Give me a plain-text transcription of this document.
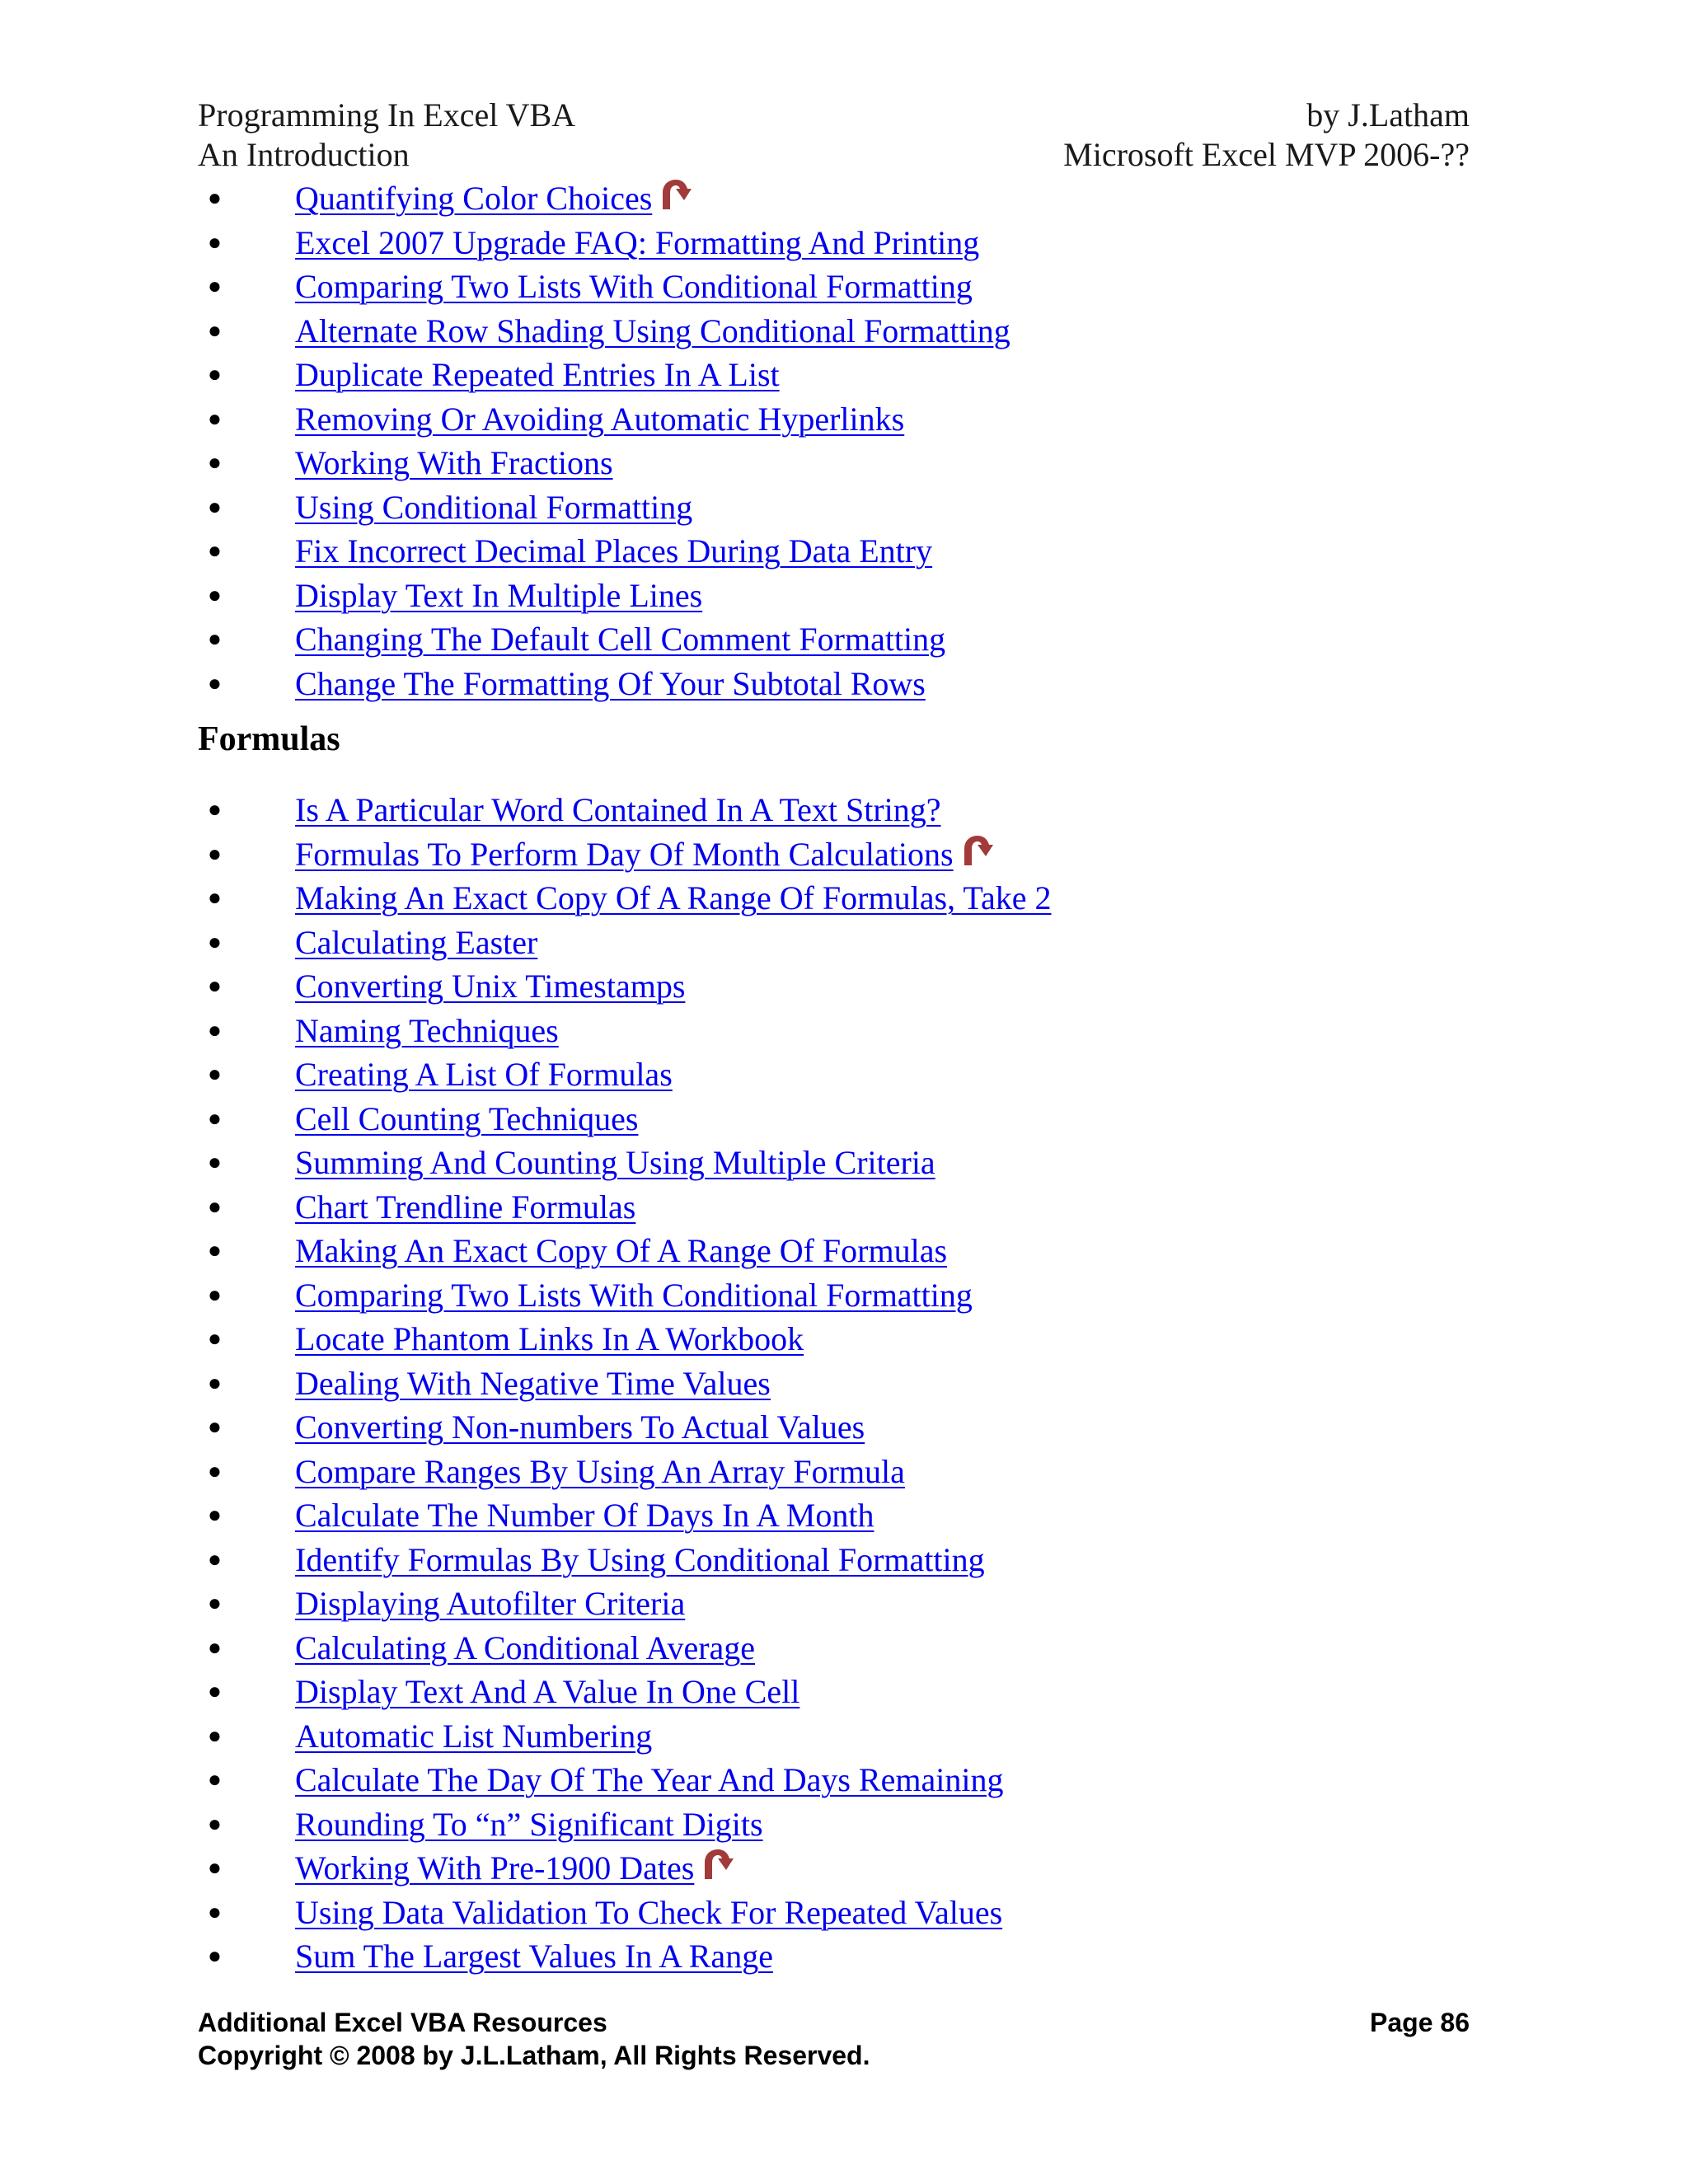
Programming In Excel VBA	by J.Latham
An Introduction	Microsoft Excel MVP 2006-??
● Quantifying Color Choices
● Excel 2007 Upgrade FAQ: Formatting And Printing
● Comparing Two Lists With Conditional Formatting
● Alternate Row Shading Using Conditional Formatting
● Duplicate Repeated Entries In A List
● Removing Or Avoiding Automatic Hyperlinks
● Working With Fractions
● Using Conditional Formatting
● Fix Incorrect Decimal Places During Data Entry
● Display Text In Multiple Lines
● Changing The Default Cell Comment Formatting
● Change The Formatting Of Your Subtotal Rows
Formulas
● Is A Particular Word Contained In A Text String?
● Formulas To Perform Day Of Month Calculations
● Making An Exact Copy Of A Range Of Formulas, Take 2
● Calculating Easter
● Converting Unix Timestamps
● Naming Techniques
● Creating A List Of Formulas
● Cell Counting Techniques
● Summing And Counting Using Multiple Criteria
● Chart Trendline Formulas
● Making An Exact Copy Of A Range Of Formulas
● Comparing Two Lists With Conditional Formatting
● Locate Phantom Links In A Workbook
● Dealing With Negative Time Values
● Converting Non-numbers To Actual Values
● Compare Ranges By Using An Array Formula
● Calculate The Number Of Days In A Month
● Identify Formulas By Using Conditional Formatting
● Displaying Autofilter Criteria
● Calculating A Conditional Average
● Display Text And A Value In One Cell
● Automatic List Numbering
● Calculate The Day Of The Year And Days Remaining
● Rounding To “n” Significant Digits
● Working With Pre-1900 Dates
● Using Data Validation To Check For Repeated Values
● Sum The Largest Values In A Range
Additional Excel VBA Resources	Page 86
Copyright © 2008 by J.L.Latham, All Rights Reserved.
